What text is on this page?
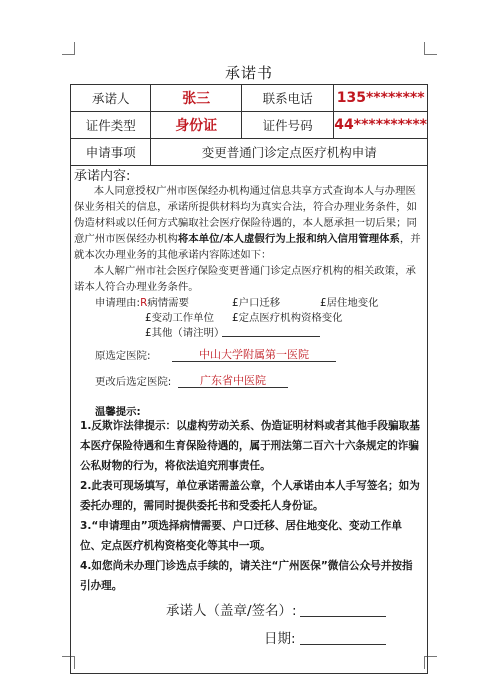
承诺书
承诺人	张三	联系电话	135********
证件类型	身份证	证件号码	44**********
申请事项	变更普通门诊定点医疗机构申请		
承诺内容:
本人同意授权广州市医保经办机构通过信息共享方式查询本人与办理医保业务相关的信息，承诺所提供材料均为真实合法，符合办理业务条件，如伪造材料或以任何方式骗取社会医疗保险待遇的，本人愿承担一切后果；同意广州市医保经办机构将本单位/本人虚假行为上报和纳入信用管理体系，并就本次办理业务的其他承诺内容陈述如下：
本人解广州市社会医疗保险变更普通门诊定点医疗机构的相关政策，承诺本人符合办理业务条件。
申请理由:R病情需要	£户口迁移	£居住地变化
£变动工作单位 £定点医疗机构资格变化
£其他（请注明）
原选定医院:	中山大学附属第一医院
更改后选定医院:	广东省中医院
温馨提示:
1.反欺诈法律提示：以虚构劳动关系、伪造证明材料或者其他手段骗取基本医疗保险待遇和生育保险待遇的，属于刑法第二百六十六条规定的诈骗公私财物的行为，将依法追究刑事责任。
2.此表可现场填写，单位承诺需盖公章，个人承诺由本人手写签名；如为委托办理的，需同时提供委托书和受委托人身份证。
3.“申请理由”项选择病情需要、户口迁移、居住地变化、变动工作单位、定点医疗机构资格变化等其中一项。
4.如您尚未办理门诊选点手续的，请关注“广州医保”微信公众号并按指引办理。
承诺人（盖章/签名）:
日期:
